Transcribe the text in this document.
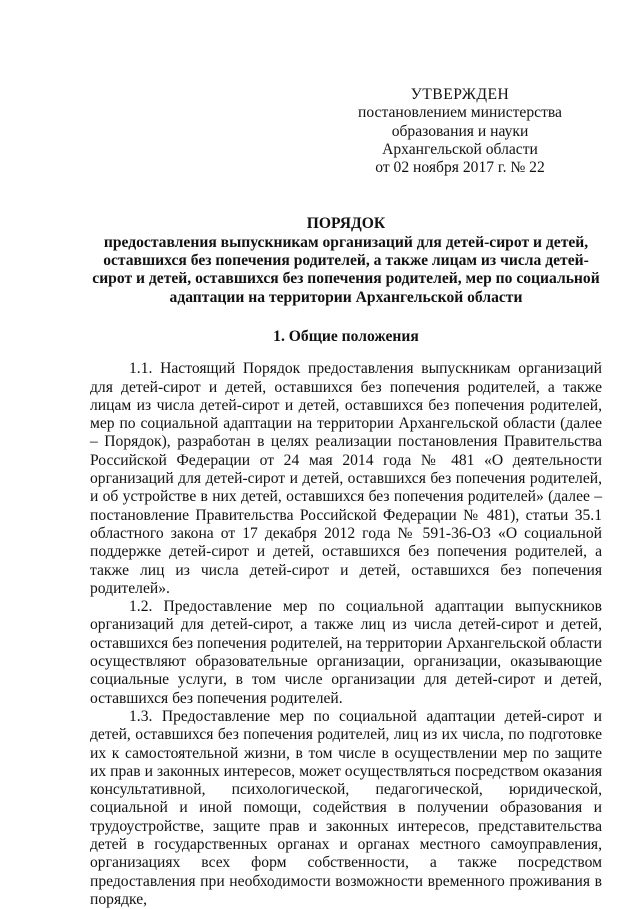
УТВЕРЖДЕН
постановлением министерства
образования и науки
Архангельской области
от 02 ноября 2017 г. № 22
ПОРЯДОК
предоставления выпускникам организаций для детей-сирот и детей, оставшихся без попечения родителей, а также лицам из числа детей-сирот и детей, оставшихся без попечения родителей, мер по социальной адаптации на территории Архангельской области
1. Общие положения

1.1. Настоящий Порядок предоставления выпускникам организаций для детей-сирот и детей, оставшихся без попечения родителей, а также лицам из числа детей-сирот и детей, оставшихся без попечения родителей, мер по социальной адаптации на территории Архангельской области (далее – Порядок), разработан в целях реализации постановления Правительства Российской Федерации от 24 мая 2014 года № 481 «О деятельности организаций для детей-сирот и детей, оставшихся без попечения родителей, и об устройстве в них детей, оставшихся без попечения родителей» (далее – постановление Правительства Российской Федерации № 481), статьи 35.1 областного закона от 17 декабря 2012 года № 591-36-ОЗ «О социальной поддержке детей-сирот и детей, оставшихся без попечения родителей, а также лиц из числа детей-сирот и детей, оставшихся без попечения родителей».

1.2. Предоставление мер по социальной адаптации выпускников организаций для детей-сирот, а также лиц из числа детей-сирот и детей, оставшихся без попечения родителей, на территории Архангельской области осуществляют образовательные организации, организации, оказывающие социальные услуги, в том числе организации для детей-сирот и детей, оставшихся без попечения родителей.

1.3. Предоставление мер по социальной адаптации детей-сирот и детей, оставшихся без попечения родителей, лиц из их числа, по подготовке их к самостоятельной жизни, в том числе в осуществлении мер по защите их прав и законных интересов, может осуществляться посредством оказания консультативной, психологической, педагогической, юридической, социальной и иной помощи, содействия в получении образования и трудоустройстве, защите прав и законных интересов, представительства детей в государственных органах и органах местного самоуправления, организациях всех форм собственности, а также посредством предоставления при необходимости возможности временного проживания в порядке,
